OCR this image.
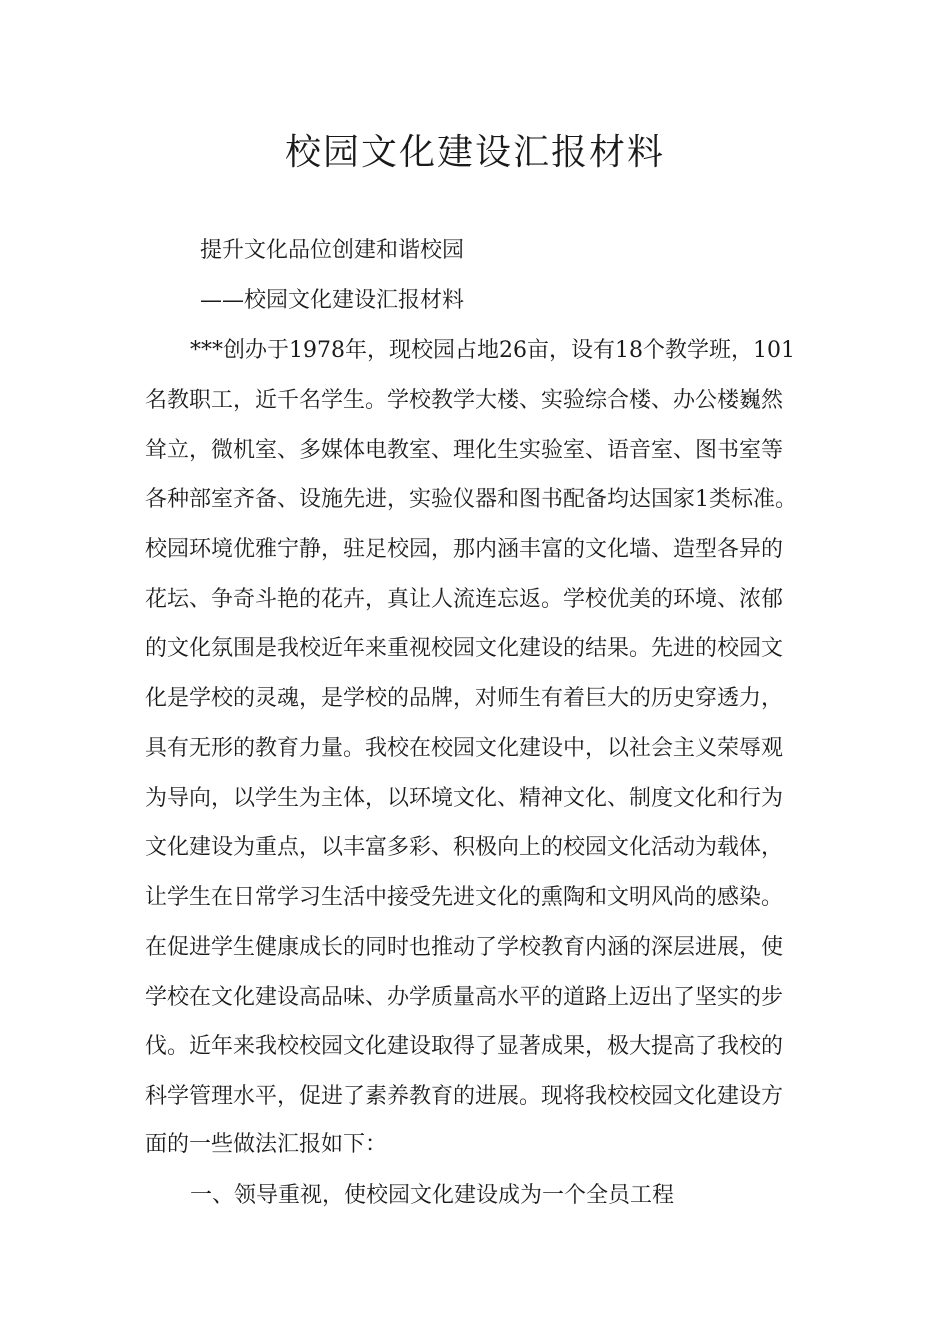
校园文化建设汇报材料

提升文化品位创建和谐校园

——校园文化建设汇报材料

***创办于1978年，现校园占地26亩，设有18个教学班，101

名教职工，近千名学生。学校教学大楼、实验综合楼、办公楼巍然

耸立，微机室、多媒体电教室、理化生实验室、语音室、图书室等

各种部室齐备、设施先进，实验仪器和图书配备均达国家1类标准。

校园环境优雅宁静，驻足校园，那内涵丰富的文化墙、造型各异的

花坛、争奇斗艳的花卉，真让人流连忘返。学校优美的环境、浓郁

的文化氛围是我校近年来重视校园文化建设的结果。先进的校园文

化是学校的灵魂，是学校的品牌，对师生有着巨大的历史穿透力，

具有无形的教育力量。我校在校园文化建设中，以社会主义荣辱观

为导向，以学生为主体，以环境文化、精神文化、制度文化和行为

文化建设为重点，以丰富多彩、积极向上的校园文化活动为载体，

让学生在日常学习生活中接受先进文化的熏陶和文明风尚的感染。

在促进学生健康成长的同时也推动了学校教育内涵的深层进展，使

学校在文化建设高品味、办学质量高水平的道路上迈出了坚实的步

伐。近年来我校校园文化建设取得了显著成果，极大提高了我校的

科学管理水平，促进了素养教育的进展。现将我校校园文化建设方

面的一些做法汇报如下：

一、领导重视，使校园文化建设成为一个全员工程
